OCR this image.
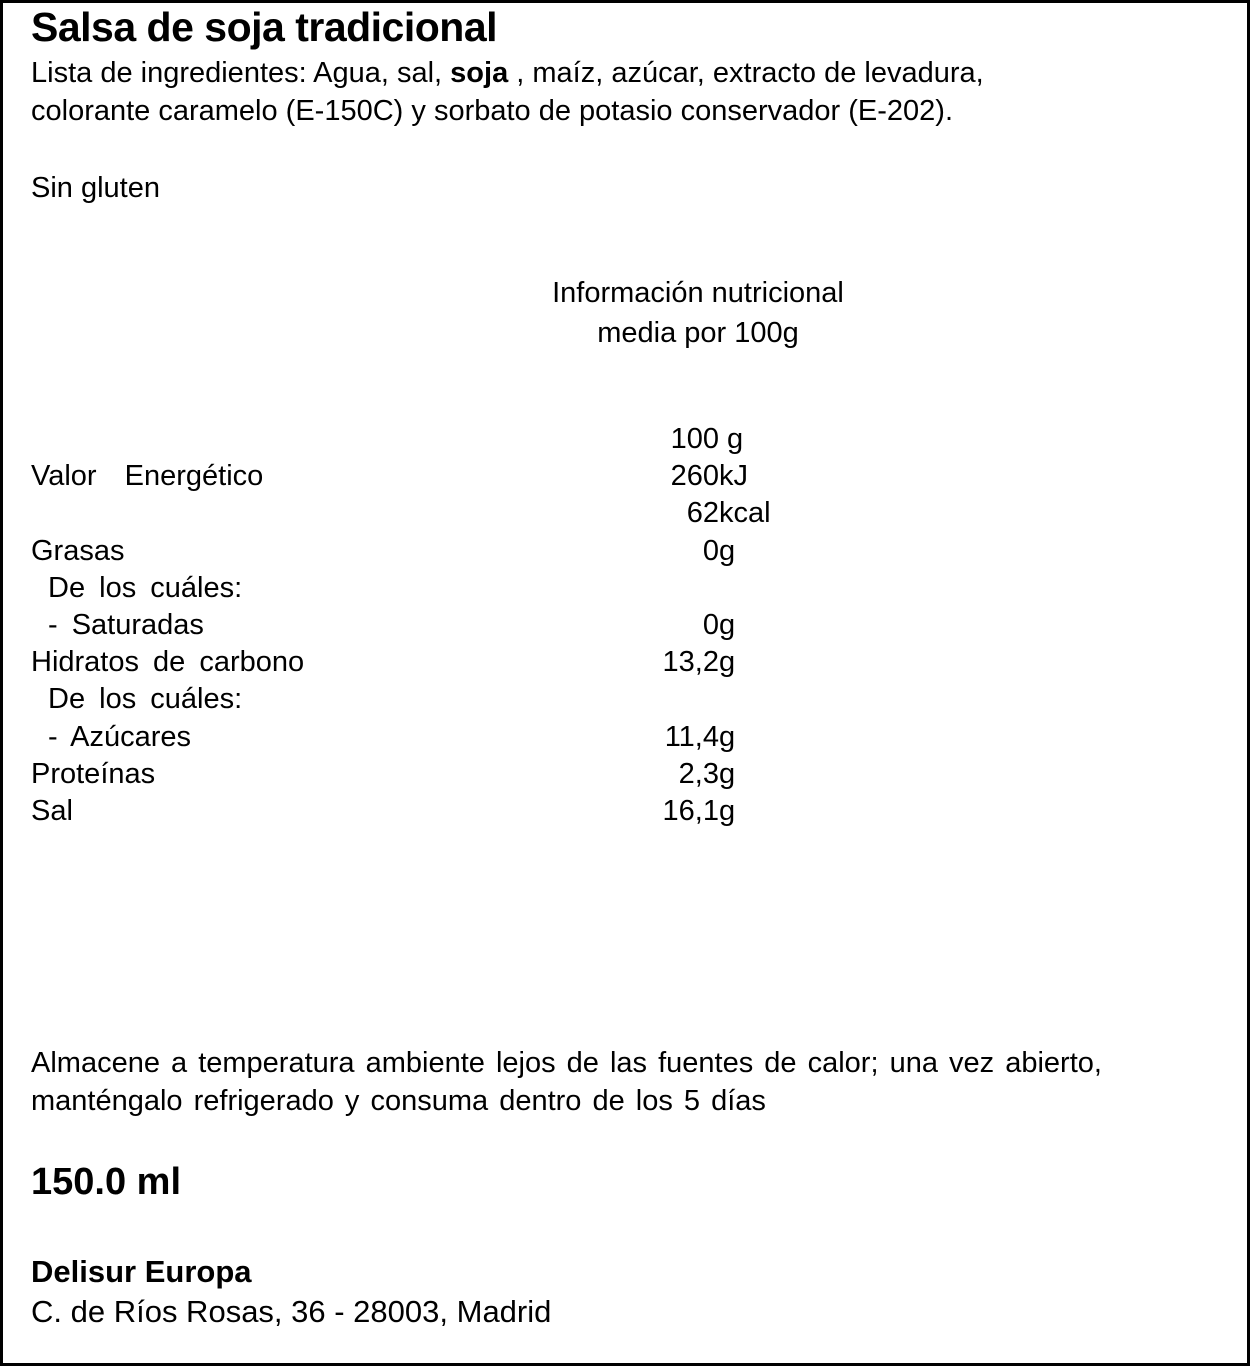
Salsa de soja tradicional
Lista de ingredientes: Agua, sal, soja , maíz, azúcar, extracto de levadura,
colorante caramelo (E-150C) y sorbato de potasio conservador (E-202).
Sin gluten
Información nutricional
media por 100g
100 g
Valor  Energético	260 kJ
62 kcal
Grasas	0 g
De los cuáles:
- Saturadas	0 g
Hidratos de carbono	13,2 g
De los cuáles:
- Azúcares	11,4 g
Proteínas	2,3 g
Sal	16,1 g
Almacene a temperatura ambiente lejos de las fuentes de calor; una vez abierto,
manténgalo refrigerado y consuma dentro de los 5 días
150.0 ml
Delisur Europa
C. de Ríos Rosas, 36 - 28003, Madrid
